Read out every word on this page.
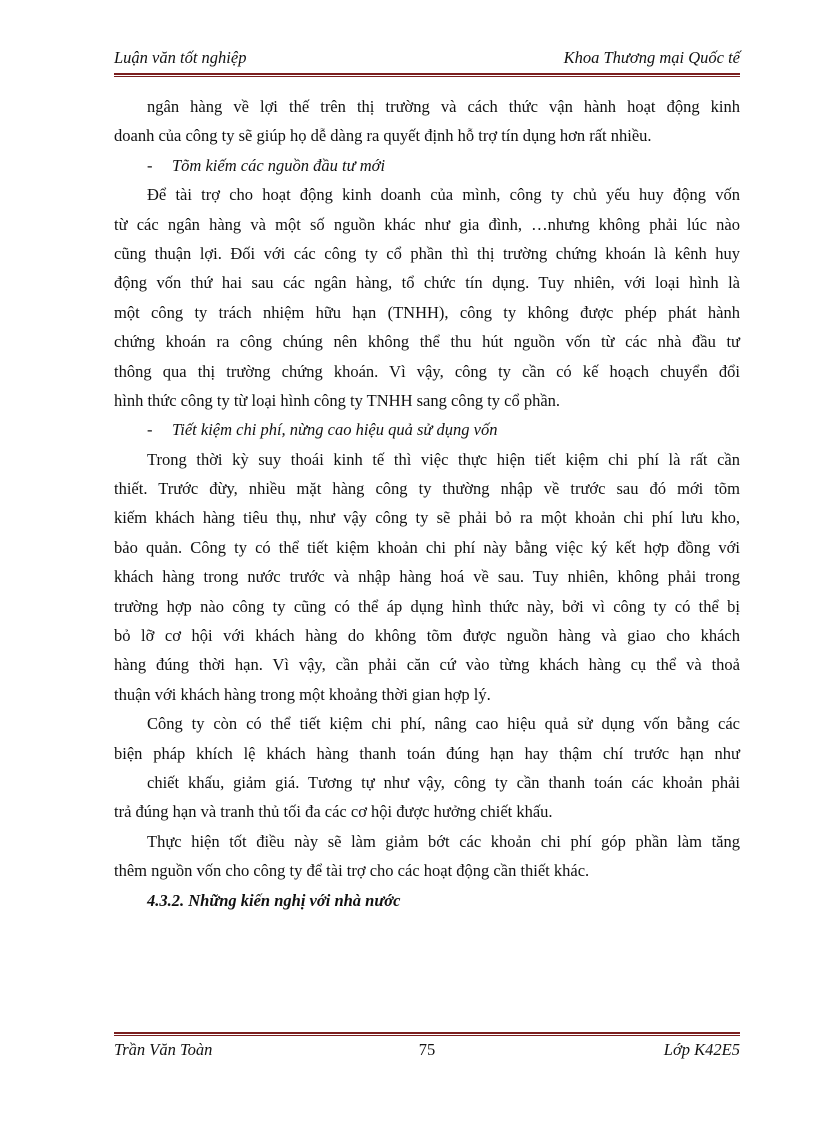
Luận văn tốt nghiệp	Khoa Thương mại Quốc tế
ngân hàng về lợi thế trên thị trường và cách thức vận hành hoạt động kinh
doanh của công ty sẽ giúp họ dễ dàng ra quyết định hỗ trợ tín dụng hơn rất nhiều.
- Tõm kiếm các nguồn đầu tư mới
Để tài trợ cho hoạt động kinh doanh của mình, công ty chủ yếu huy động vốn
từ các ngân hàng và một số nguồn khác như gia đình, …nhưng không phải lúc nào
cũng thuận lợi. Đối với các công ty cổ phần thì thị trường chứng khoán là kênh huy
động vốn thứ hai sau các ngân hàng, tổ chức tín dụng. Tuy nhiên, với loại hình là
một công ty trách nhiệm hữu hạn (TNHH), công ty không được phép phát hành
chứng khoán ra công chúng nên không thể thu hút nguồn vốn từ các nhà đầu tư
thông qua thị trường chứng khoán. Vì vậy, công ty cần có kế hoạch chuyển đổi
hình thức công ty từ loại hình công ty TNHH sang công ty cổ phần.
- Tiết kiệm chi phí, nừng cao hiệu quả sử dụng vốn
Trong thời kỳ suy thoái kinh tế thì việc thực hiện tiết kiệm chi phí là rất cần
thiết. Trước đừy, nhiều mặt hàng công ty thường nhập về trước sau đó mới tõm
kiếm khách hàng tiêu thụ, như vậy công ty sẽ phải bỏ ra một khoản chi phí lưu kho,
bảo quản. Công ty có thể tiết kiệm khoản chi phí này bằng việc ký kết hợp đồng với
khách hàng trong nước trước và nhập hàng hoá về sau. Tuy nhiên, không phải trong
trường hợp nào công ty cũng có thể áp dụng hình thức này, bởi vì công ty có thể bị
bỏ lỡ cơ hội với khách hàng do không tõm được nguồn hàng và giao cho khách
hàng đúng thời hạn. Vì vậy, cần phải căn cứ vào từng khách hàng cụ thể và thoả
thuận với khách hàng trong một khoảng thời gian hợp lý.
Công ty còn có thể tiết kiệm chi phí, nâng cao hiệu quả sử dụng vốn bằng các
biện pháp khích lệ khách hàng thanh toán đúng hạn hay thậm chí trước hạn như
chiết khấu, giảm giá. Tương tự như vậy, công ty cần thanh toán các khoản phải
trả đúng hạn và tranh thủ tối đa các cơ hội được hưởng chiết khấu.
Thực hiện tốt điều này sẽ làm giảm bớt các khoản chi phí góp phần làm tăng
thêm nguồn vốn cho công ty để tài trợ cho các hoạt động cần thiết khác.
4.3.2. Những kiến nghị với nhà nước
Trần Văn Toàn	75	Lớp K42E5
